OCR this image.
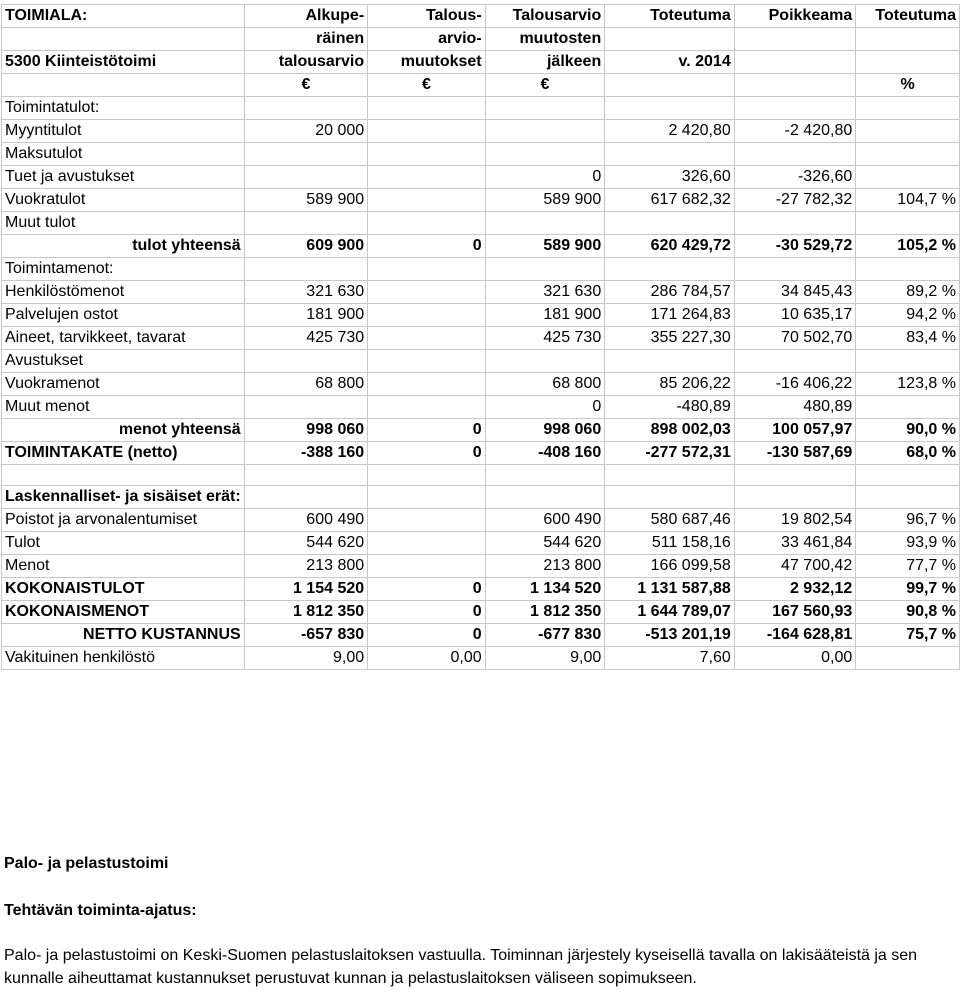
TOIMIALA:	Alkupe-	Talous-	Talousarvio	Toteutuma	Poikkeama	Toteutuma
	räinen	arvio-	muutosten			
5300 Kiinteistötoimi	talousarvio	muutokset	jälkeen	v. 2014		
	€	€	€			%
Toimintatulot:						
Myyntitulot	20 000			2 420,80	-2 420,80	
Maksutulot						
Tuet ja avustukset			0	326,60	-326,60	
Vuokratulot	589 900		589 900	617 682,32	-27 782,32	104,7 %
Muut tulot						
tulot yhteensä	609 900	0	589 900	620 429,72	-30 529,72	105,2 %
Toimintamenot:						
Henkilöstömenot	321 630		321 630	286 784,57	34 845,43	89,2 %
Palvelujen ostot	181 900		181 900	171 264,83	10 635,17	94,2 %
Aineet, tarvikkeet, tavarat	425 730		425 730	355 227,30	70 502,70	83,4 %
Avustukset						
Vuokramenot	68 800		68 800	85 206,22	-16 406,22	123,8 %
Muut menot			0	-480,89	480,89	
menot yhteensä	998 060	0	998 060	898 002,03	100 057,97	90,0 %
TOIMINTAKATE (netto)	-388 160	0	-408 160	-277 572,31	-130 587,69	68,0 %

Laskennalliset- ja sisäiset erät:						
Poistot ja arvonalentumiset	600 490		600 490	580 687,46	19 802,54	96,7 %
Tulot	544 620		544 620	511 158,16	33 461,84	93,9 %
Menot	213 800		213 800	166 099,58	47 700,42	77,7 %
KOKONAISTULOT	1 154 520	0	1 134 520	1 131 587,88	2 932,12	99,7 %
KOKONAISMENOT	1 812 350	0	1 812 350	1 644 789,07	167 560,93	90,8 %
NETTO KUSTANNUS	-657 830	0	-677 830	-513 201,19	-164 628,81	75,7 %
Vakituinen henkilöstö	9,00	0,00	9,00	7,60	0,00	
Palo- ja pelastustoimi
Tehtävän toiminta-ajatus:
Palo- ja pelastustoimi on Keski-Suomen pelastuslaitoksen vastuulla. Toiminnan järjestely kyseisellä tavalla on lakisääteistä ja sen kunnalle aiheuttamat kustannukset perustuvat kunnan ja pelastuslaitoksen väliseen sopimukseen.
